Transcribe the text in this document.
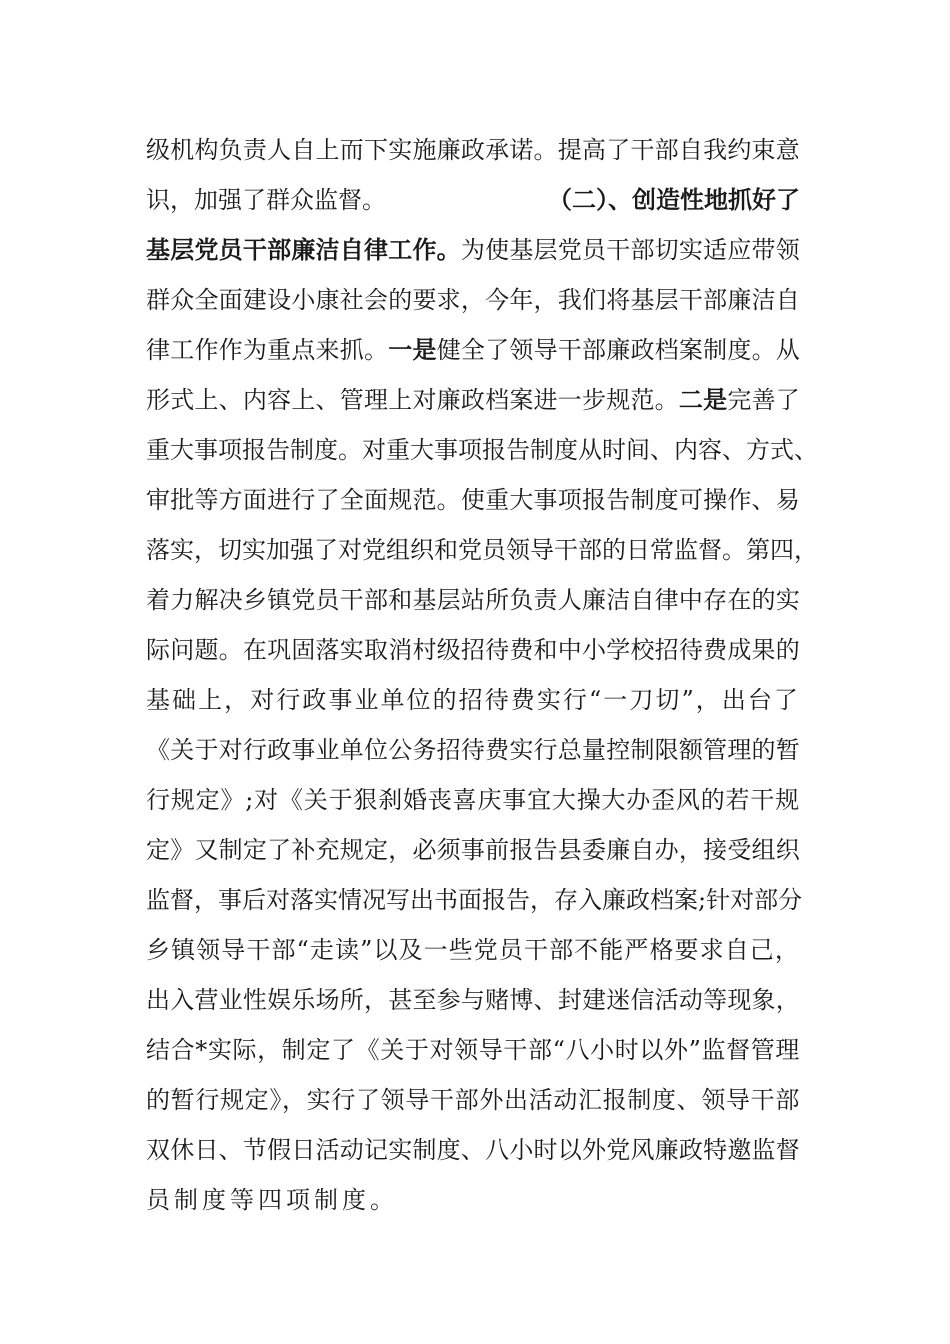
级机构负责人自上而下实施廉政承诺。提高了干部自我约束意
识，加强了群众监督。	（二）、创造性地抓好了
基层党员干部廉洁自律工作。为使基层党员干部切实适应带领
群众全面建设小康社会的要求，今年，我们将基层干部廉洁自
律工作作为重点来抓。一是健全了领导干部廉政档案制度。从
形式上、内容上、管理上对廉政档案进一步规范。二是完善了
重大事项报告制度。对重大事项报告制度从时间、内容、方式、
审批等方面进行了全面规范。使重大事项报告制度可操作、易
落实，切实加强了对党组织和党员领导干部的日常监督。第四，
着力解决乡镇党员干部和基层站所负责人廉洁自律中存在的实
际问题。在巩固落实取消村级招待费和中小学校招待费成果的
基础上，对行政事业单位的招待费实行“一刀切”，出台了
《关于对行政事业单位公务招待费实行总量控制限额管理的暂
行规定》;对《关于狠刹婚丧喜庆事宜大操大办歪风的若干规
定》又制定了补充规定，必须事前报告县委廉自办，接受组织
监督，事后对落实情况写出书面报告，存入廉政档案;针对部分
乡镇领导干部“走读”以及一些党员干部不能严格要求自己，
出入营业性娱乐场所，甚至参与赌博、封建迷信活动等现象，
结合*实际，制定了《关于对领导干部“八小时以外”监督管理
的暂行规定》，实行了领导干部外出活动汇报制度、领导干部
双休日、节假日活动记实制度、八小时以外党风廉政特邀监督
员制度等四项制度。
